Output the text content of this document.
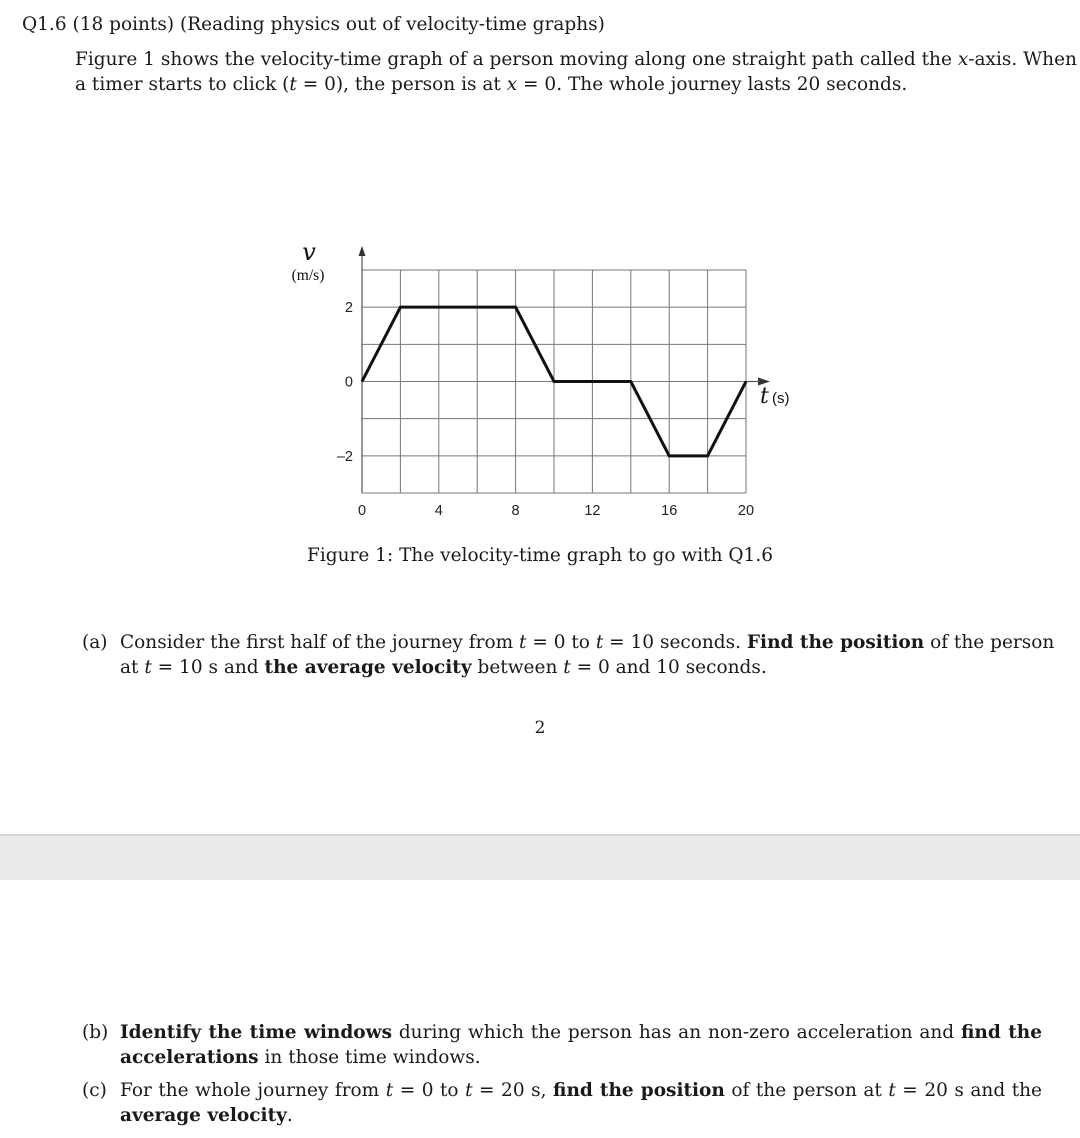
Q1.6 (18 points) (Reading physics out of velocity-time graphs)
Figure 1 shows the velocity-time graph of a person moving along one straight path called the x-axis. When
a timer starts to click (t = 0), the person is at x = 0. The whole journey lasts 20 seconds.
0	4	8	12	16	20
2
0
–2
v
(m/s)
t (s)
Figure 1: The velocity-time graph to go with Q1.6
(a) Consider the first half of the journey from t = 0 to t = 10 seconds. Find the position of the person
at t = 10 s and the average velocity between t = 0 and 10 seconds.
2
(b) Identify the time windows during which the person has an non-zero acceleration and find the
accelerations in those time windows.
(c) For the whole journey from t = 0 to t = 20 s, find the position of the person at t = 20 s and the
average velocity.
